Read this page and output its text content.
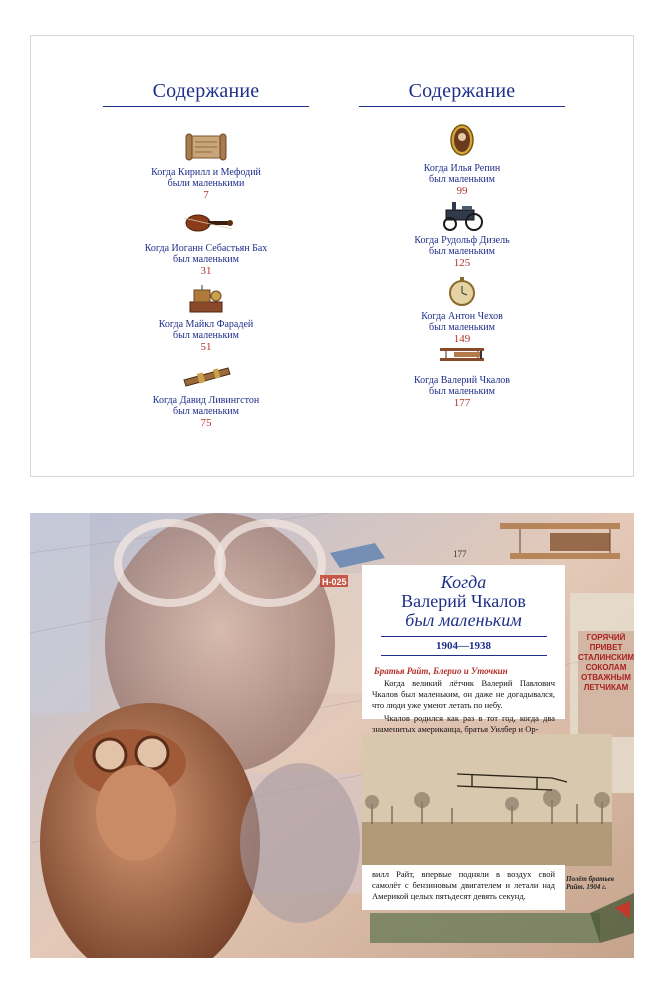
Содержание
Когда Кирилл и Мефодий
были маленькими
7
Когда Иоганн Себастьян Бах
был маленьким
31
Когда Майкл Фарадей
был маленьким
51
Когда Давид Ливингстон
был маленьким
75
Содержание
Когда Илья Репин
был маленьким
99
Когда Рудольф Дизель
был маленьким
125
Когда Антон Чехов
был маленьким
149
Когда Валерий Чкалов
был маленьким
177
H-025
ГОРЯЧИЙ ПРИВЕТ СТАЛИНСКИМ СОКОЛАМ ОТВАЖНЫМ ЛЕТЧИКАМ
177
Когда
Валерий Чкалов
был маленьким
1904—1938
Братья Райт, Блерио и Уточкин
Когда великий лётчик Валерий Павлович Чкалов был маленьким, он даже не догадывался, что люди уже умеют летать по небу.
Чкалов родился как раз в тот год, когда два знаменитых американца, братья Уилбер и Ор-
вилл Райт, впервые подняли в воздух свой самолёт с бензиновым двигателем и летали над Америкой целых пятьдесят девять секунд.
Полёт братьев Райт. 1904 г.
